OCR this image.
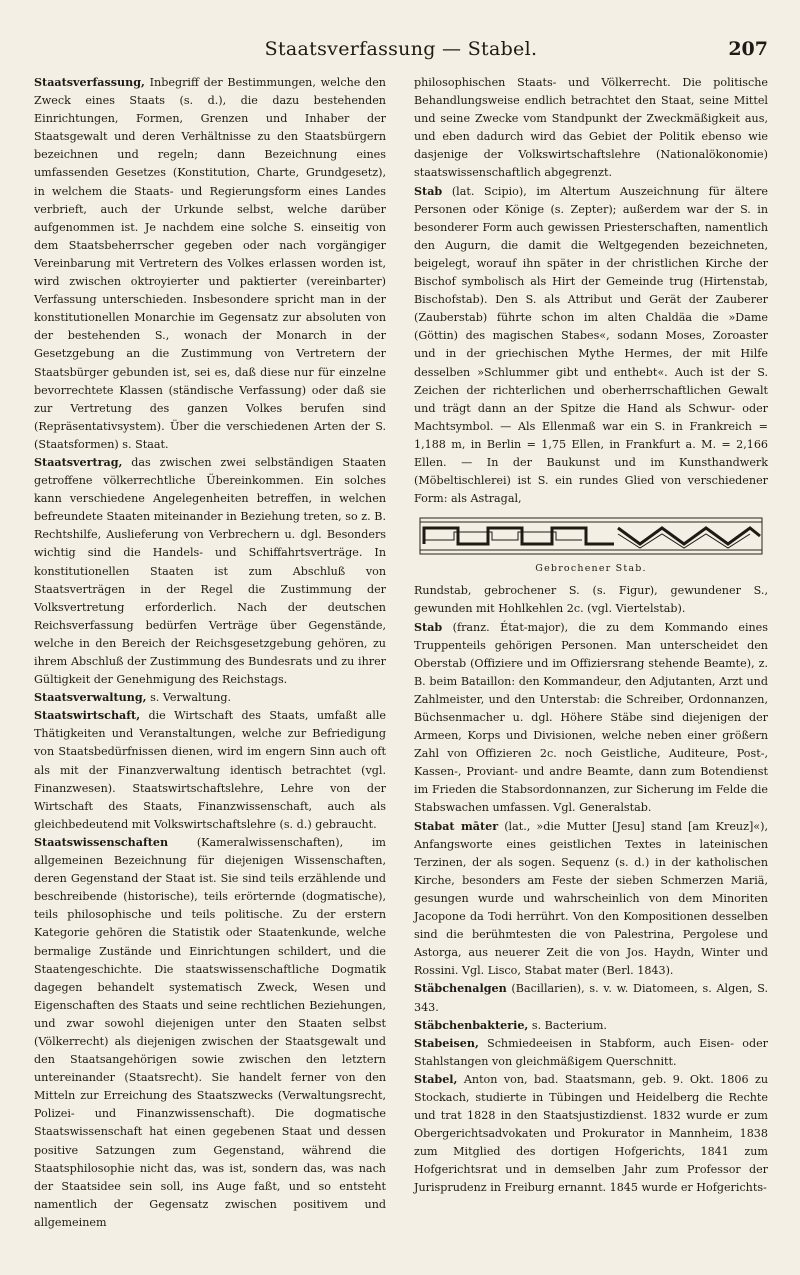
Staatsverfassung — Stabel.	207

Staatsverfassung, Inbegriff der Bestimmungen, welche den Zweck eines Staats (s. d.), die dazu bestehenden Einrichtungen, Formen, Grenzen und Inhaber der Staatsgewalt und deren Verhältnisse zu den Staatsbürgern bezeichnen und regeln; dann Bezeichnung eines umfassenden Gesetzes (Konstitution, Charte, Grundgesetz), in welchem die Staats- und Regierungsform eines Landes verbrieft, auch der Urkunde selbst, welche darüber aufgenommen ist. Je nachdem eine solche S. einseitig von dem Staatsbeherrscher gegeben oder nach vorgängiger Vereinbarung mit Vertretern des Volkes erlassen worden ist, wird zwischen oktroyierter und paktierter (vereinbarter) Verfassung unterschieden. Insbesondere spricht man in der konstitutionellen Monarchie im Gegensatz zur absoluten von der bestehenden S., wonach der Monarch in der Gesetzgebung an die Zustimmung von Vertretern der Staatsbürger gebunden ist, sei es, daß diese nur für einzelne bevorrechtete Klassen (ständische Verfassung) oder daß sie zur Vertretung des ganzen Volkes berufen sind (Repräsentativsystem). Über die verschiedenen Arten der S. (Staatsformen) s. Staat.

Staatsvertrag, das zwischen zwei selbständigen Staaten getroffene völkerrechtliche Übereinkommen. Ein solches kann verschiedene Angelegenheiten betreffen, in welchen befreundete Staaten miteinander in Beziehung treten, so z. B. Rechtshilfe, Auslieferung von Verbrechern u. dgl. Besonders wichtig sind die Handels- und Schiffahrtsverträge. In konstitutionellen Staaten ist zum Abschluß von Staatsverträgen in der Regel die Zustimmung der Volksvertretung erforderlich. Nach der deutschen Reichsverfassung bedürfen Verträge über Gegenstände, welche in den Bereich der Reichsgesetzgebung gehören, zu ihrem Abschluß der Zustimmung des Bundesrats und zu ihrer Gültigkeit der Genehmigung des Reichstags.

Staatsverwaltung, s. Verwaltung.

Staatswirtschaft, die Wirtschaft des Staats, umfaßt alle Thätigkeiten und Veranstaltungen, welche zur Befriedigung von Staatsbedürfnissen dienen, wird im engern Sinn auch oft als mit der Finanzverwaltung identisch betrachtet (vgl. Finanzwesen). Staatswirtschaftslehre, Lehre von der Wirtschaft des Staats, Finanzwissenschaft, auch als gleichbedeutend mit Volkswirtschaftslehre (s. d.) gebraucht.

Staatswissenschaften	(Kameralwissenschaften), im allgemeinen Bezeichnung für diejenigen Wissenschaften, deren Gegenstand der Staat ist. Sie sind teils erzählende und beschreibende (historische), teils erörternde (dogmatische), teils philosophische und teils politische. Zu der erstern Kategorie gehören die Statistik oder Staatenkunde, welche bermalige Zustände und Einrichtungen schildert, und die Staatengeschichte. Die staatswissenschaftliche Dogmatik dagegen behandelt systematisch Zweck, Wesen und Eigenschaften des Staats und seine rechtlichen Beziehungen, und zwar sowohl diejenigen unter den Staaten selbst (Völkerrecht) als diejenigen zwischen der Staatsgewalt und den Staatsangehörigen sowie zwischen den letztern untereinander (Staatsrecht). Sie handelt ferner von den Mitteln zur Erreichung des Staatszwecks (Verwaltungsrecht, Polizei- und Finanzwissenschaft). Die dogmatische Staatswissenschaft hat einen gegebenen Staat und dessen positive Satzungen zum Gegenstand, während die Staatsphilosophie nicht das, was ist, sondern das, was nach der Staatsidee sein soll, ins Auge faßt, und so entsteht namentlich der Gegensatz zwischen positivem und allgemeinem

philosophischen Staats- und Völkerrecht. Die politische Behandlungsweise endlich betrachtet den Staat, seine Mittel und seine Zwecke vom Standpunkt der Zweckmäßigkeit aus, und eben dadurch wird das Gebiet der Politik ebenso wie dasjenige der Volkswirtschaftslehre (Nationalökonomie) staatswissenschaftlich abgegrenzt.

Stab (lat. Scipio), im Altertum Auszeichnung für ältere Personen oder Könige (s. Zepter); außerdem war der S. in besonderer Form auch gewissen Priesterschaften, namentlich den Augurn, die damit die Weltgegenden bezeichneten, beigelegt, worauf ihn später in der christlichen Kirche der Bischof symbolisch als Hirt der Gemeinde trug (Hirtenstab, Bischofstab). Den S. als Attribut und Gerät der Zauberer (Zauberstab) führte schon im alten Chaldäa die »Dame (Göttin) des magischen Stabes«, sodann Moses, Zoroaster und in der griechischen Mythe Hermes, der mit Hilfe desselben »Schlummer gibt und enthebt«. Auch ist der S. Zeichen der richterlichen und oberherrschaftlichen Gewalt und trägt dann an der Spitze die Hand als Schwur- oder Machtsymbol. — Als Ellenmaß war ein S. in Frankreich = 1,188 m, in Berlin = 1,75 Ellen, in Frankfurt a. M. = 2,166 Ellen. — In der Baukunst und im Kunsthandwerk (Möbeltischlerei) ist S. ein rundes Glied von verschiedener Form: als Astragal,

Gebrochener Stab.

Rundstab, gebrochener S. (s. Figur), gewundener S., gewunden mit Hohlkehlen 2c. (vgl. Viertelstab).

Stab (franz. État-major), die zu dem Kommando eines Truppenteils gehörigen Personen. Man unterscheidet den Oberstab (Offiziere und im Offiziersrang stehende Beamte), z. B. beim Bataillon: den Kommandeur, den Adjutanten, Arzt und Zahlmeister, und den Unterstab: die Schreiber, Ordonnanzen, Büchsenmacher u. dgl. Höhere Stäbe sind diejenigen der Armeen, Korps und Divisionen, welche neben einer größern Zahl von Offizieren 2c. noch Geistliche, Auditeure, Post-, Kassen-, Proviant- und andre Beamte, dann zum Botendienst im Frieden die Stabsordonnanzen, zur Sicherung im Felde die Stabswachen umfassen. Vgl. Generalstab.

Stabat māter (lat., »die Mutter [Jesu] stand [am Kreuz]«), Anfangsworte eines geistlichen Textes in lateinischen Terzinen, der als sogen. Sequenz (s. d.) in der katholischen Kirche, besonders am Feste der sieben Schmerzen Mariä, gesungen wurde und wahrscheinlich von dem Minoriten Jacopone da Todi herrührt. Von den Kompositionen desselben sind die berühmtesten die von Palestrina, Pergolese und Astorga, aus neuerer Zeit die von Jos. Haydn, Winter und Rossini. Vgl. Lisco, Stabat mater (Berl. 1843).

Stäbchenalgen (Bacillarien), s. v. w. Diatomeen, s. Algen, S. 343.

Stäbchenbakterie, s. Bacterium.

Stabeisen, Schmiedeeisen in Stabform, auch Eisen- oder Stahlstangen von gleichmäßigem Querschnitt.

Stabel, Anton von, bad. Staatsmann, geb. 9. Okt. 1806 zu Stockach, studierte in Tübingen und Heidelberg die Rechte und trat 1828 in den Staatsjustizdienst. 1832 wurde er zum Obergerichtsadvokaten und Prokurator in Mannheim, 1838 zum Mitglied des dortigen Hofgerichts, 1841 zum Hofgerichtsrat und in demselben Jahr zum Professor der Jurisprudenz in Freiburg ernannt. 1845 wurde er Hofgerichts-
